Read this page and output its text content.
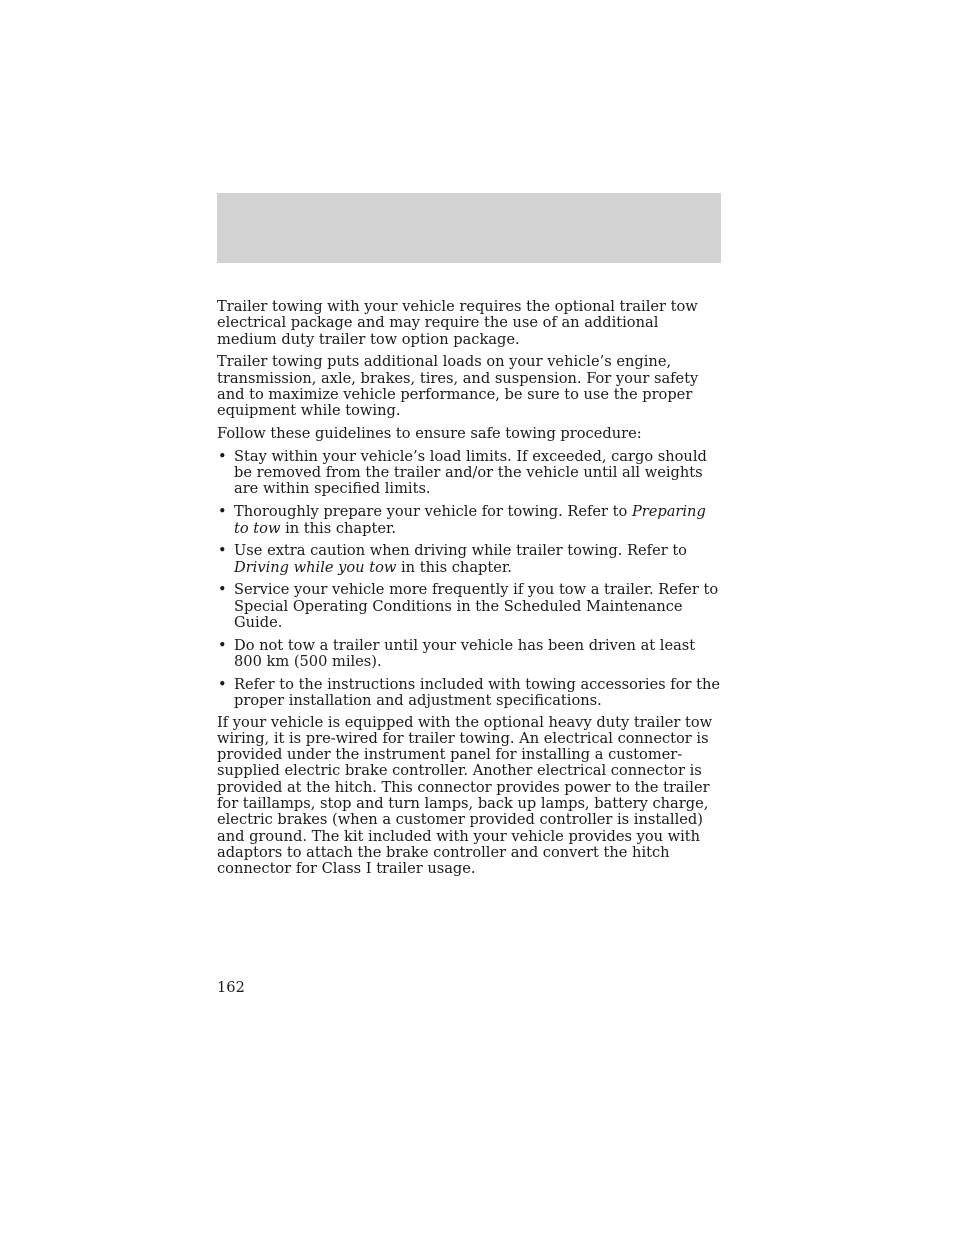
Trailer towing with your vehicle requires the optional trailer tow electrical package and may require the use of an additional medium duty trailer tow option package.

Trailer towing puts additional loads on your vehicle’s engine, transmission, axle, brakes, tires, and suspension. For your safety and to maximize vehicle performance, be sure to use the proper equipment while towing.

Follow these guidelines to ensure safe towing procedure:

• Stay within your vehicle’s load limits. If exceeded, cargo should be removed from the trailer and/or the vehicle until all weights are within specified limits.
• Thoroughly prepare your vehicle for towing. Refer to Preparing to tow in this chapter.
• Use extra caution when driving while trailer towing. Refer to Driving while you tow in this chapter.
• Service your vehicle more frequently if you tow a trailer. Refer to Special Operating Conditions in the Scheduled Maintenance Guide.
• Do not tow a trailer until your vehicle has been driven at least 800 km (500 miles).
• Refer to the instructions included with towing accessories for the proper installation and adjustment specifications.

If your vehicle is equipped with the optional heavy duty trailer tow wiring, it is pre-wired for trailer towing. An electrical connector is provided under the instrument panel for installing a customer-supplied electric brake controller. Another electrical connector is provided at the hitch. This connector provides power to the trailer for taillamps, stop and turn lamps, back up lamps, battery charge, electric brakes (when a customer provided controller is installed) and ground. The kit included with your vehicle provides you with adaptors to attach the brake controller and convert the hitch connector for Class I trailer usage.

162
